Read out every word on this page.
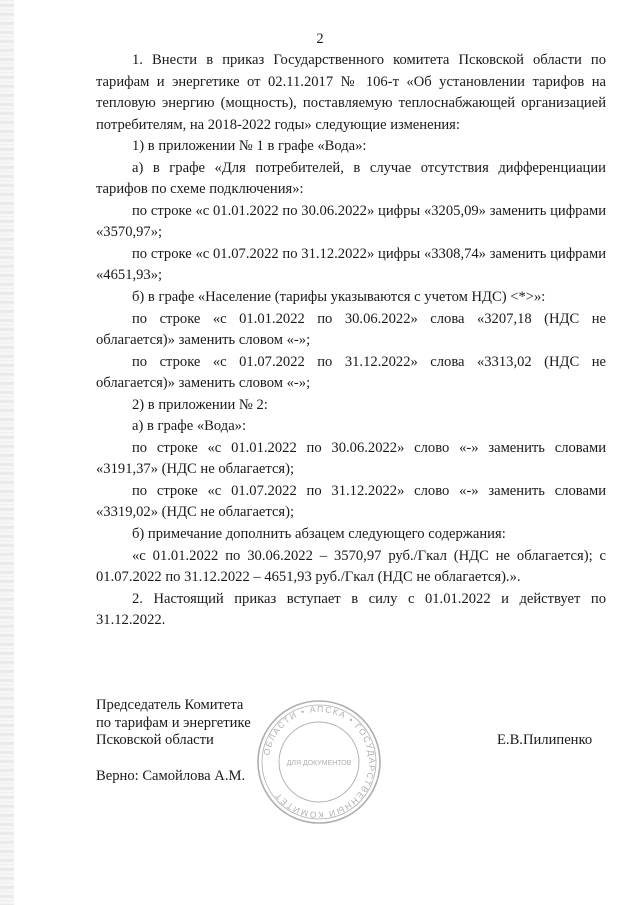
2

1. Внести в приказ Государственного комитета Псковской области по тарифам и энергетике от 02.11.2017 № 106-т «Об установлении тарифов на тепловую энергию (мощность), поставляемую теплоснабжающей организацией потребителям, на 2018-2022 годы» следующие изменения:

1) в приложении № 1 в графе «Вода»:

а) в графе «Для потребителей, в случае отсутствия дифференциации тарифов по схеме подключения»:

по строке «с 01.01.2022 по 30.06.2022» цифры «3205,09» заменить цифрами «3570,97»;

по строке «с 01.07.2022 по 31.12.2022» цифры «3308,74» заменить цифрами «4651,93»;

б) в графе «Население (тарифы указываются с учетом НДС) <*>»:

по строке «с 01.01.2022 по 30.06.2022» слова «3207,18 (НДС не облагается)» заменить словом «-»;

по строке «с 01.07.2022 по 31.12.2022» слова «3313,02 (НДС не облагается)» заменить словом «-»;

2) в приложении № 2:

а) в графе «Вода»:

по строке «с 01.01.2022 по 30.06.2022» слово «-» заменить словами «3191,37» (НДС не облагается);

по строке «с 01.07.2022 по 31.12.2022» слово «-» заменить словами «3319,02» (НДС не облагается);

б) примечание дополнить абзацем следующего содержания:

«с 01.01.2022 по 30.06.2022 – 3570,97 руб./Гкал (НДС не облагается); с 01.07.2022 по 31.12.2022 – 4651,93 руб./Гкал (НДС не облагается).».

2. Настоящий приказ вступает в силу с 01.01.2022 и действует по 31.12.2022.

Председатель Комитета
по тарифам и энергетике
Псковской области	Е.В.Пилипенко
Верно: Самойлова А.М.
ОБЛАСТИ • АПСКА • ГОСУДАРСТВЕННЫЙ КОМИТЕТ
ДЛЯ ДОКУМЕНТОВ
